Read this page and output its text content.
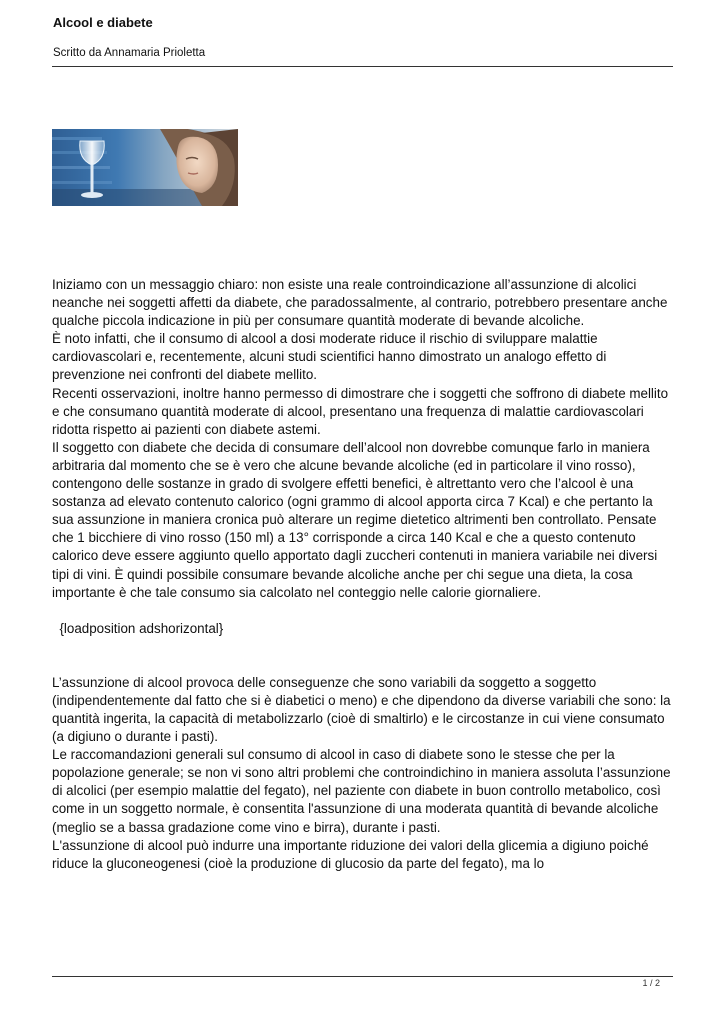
Alcool e diabete
Scritto da Annamaria Prioletta

Iniziamo con un messaggio chiaro: non esiste una reale controindicazione all’assunzione di alcolici neanche nei soggetti affetti da diabete, che paradossalmente, al contrario, potrebbero presentare anche qualche piccola indicazione in più per consumare quantità moderate di bevande alcoliche.

È noto infatti, che il consumo di alcool a dosi moderate riduce il rischio di sviluppare malattie cardiovascolari e, recentemente, alcuni studi scientifici hanno dimostrato un analogo effetto di prevenzione nei confronti del diabete mellito.

Recenti osservazioni, inoltre hanno permesso di dimostrare che i soggetti che soffrono di diabete mellito e che consumano quantità moderate di alcool, presentano una frequenza di malattie cardiovascolari ridotta rispetto ai pazienti con diabete astemi.

Il soggetto con diabete che decida di consumare dell’alcool non dovrebbe comunque farlo in maniera arbitraria dal momento che se è vero che alcune bevande alcoliche (ed in particolare il vino rosso), contengono delle sostanze in grado di svolgere effetti benefici, è altrettanto vero che l’alcool è una sostanza ad elevato contenuto calorico (ogni grammo di alcool apporta circa 7 Kcal) e che pertanto la sua assunzione in maniera cronica può alterare un regime dietetico altrimenti ben controllato. Pensate che 1 bicchiere di vino rosso (150 ml) a 13° corrisponde a circa 140 Kcal e che a questo contenuto calorico deve essere aggiunto quello apportato dagli zuccheri contenuti in maniera variabile nei diversi tipi di vini. È quindi possibile consumare bevande alcoliche anche per chi segue una dieta, la cosa importante è che tale consumo sia calcolato nel conteggio nelle calorie giornaliere.

{loadposition adshorizontal}

L’assunzione di alcool provoca delle conseguenze che sono variabili da soggetto a soggetto (indipendentemente dal fatto che si è diabetici o meno) e che dipendono da diverse variabili che sono: la quantità ingerita, la capacità di metabolizzarlo (cioè di smaltirlo) e le circostanze in cui viene consumato (a digiuno o durante i pasti).

Le raccomandazioni generali sul consumo di alcool in caso di diabete sono le stesse che per la popolazione generale; se non vi sono altri problemi che controindichino in maniera assoluta l’assunzione di alcolici (per esempio malattie del fegato), nel paziente con diabete in buon controllo metabolico, così come in un soggetto normale, è consentita l'assunzione di una moderata quantità di bevande alcoliche (meglio se a bassa gradazione come vino e birra), durante i pasti.

L'assunzione di alcool può indurre una importante riduzione dei valori della glicemia a digiuno poiché riduce la gluconeogenesi (cioè la produzione di glucosio da parte del fegato), ma lo

1 / 2
